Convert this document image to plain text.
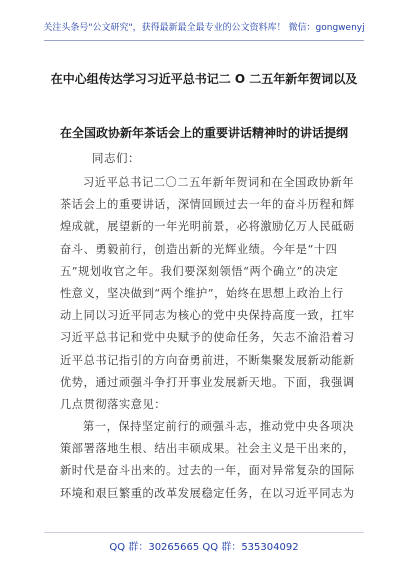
关注头条号"公文研究"，获得最新最全最专业的公文资料库！ 微信：gongwenyj
在中心组传达学习习近平总书记二 O 二五年新年贺词以及
在全国政协新年茶话会上的重要讲话精神时的讲话提纲
同志们：
习近平总书记二〇二五年新年贺词和在全国政协新年
茶话会上的重要讲话，深情回顾过去一年的奋斗历程和辉
煌成就，展望新的一年光明前景，必将激励亿万人民砥砺
奋斗、勇毅前行，创造出新的光辉业绩。今年是“十四
五”规划收官之年。我们要深刻领悟“两个确立”的决定
性意义，坚决做到“两个维护”，始终在思想上政治上行
动上同以习近平同志为核心的党中央保持高度一致，扛牢
习近平总书记和党中央赋予的使命任务，矢志不渝沿着习
近平总书记指引的方向奋勇前进，不断集聚发展新动能新
优势，通过顽强斗争打开事业发展新天地。下面，我强调
几点贯彻落实意见：
第一，保持坚定前行的顽强斗志，推动党中央各项决
策部署落地生根、结出丰硕成果。社会主义是干出来的，
新时代是奋斗出来的。过去的一年，面对异常复杂的国际
环境和艰巨繁重的改革发展稳定任务，在以习近平同志为
QQ 群：30265665 QQ 群：535304092
